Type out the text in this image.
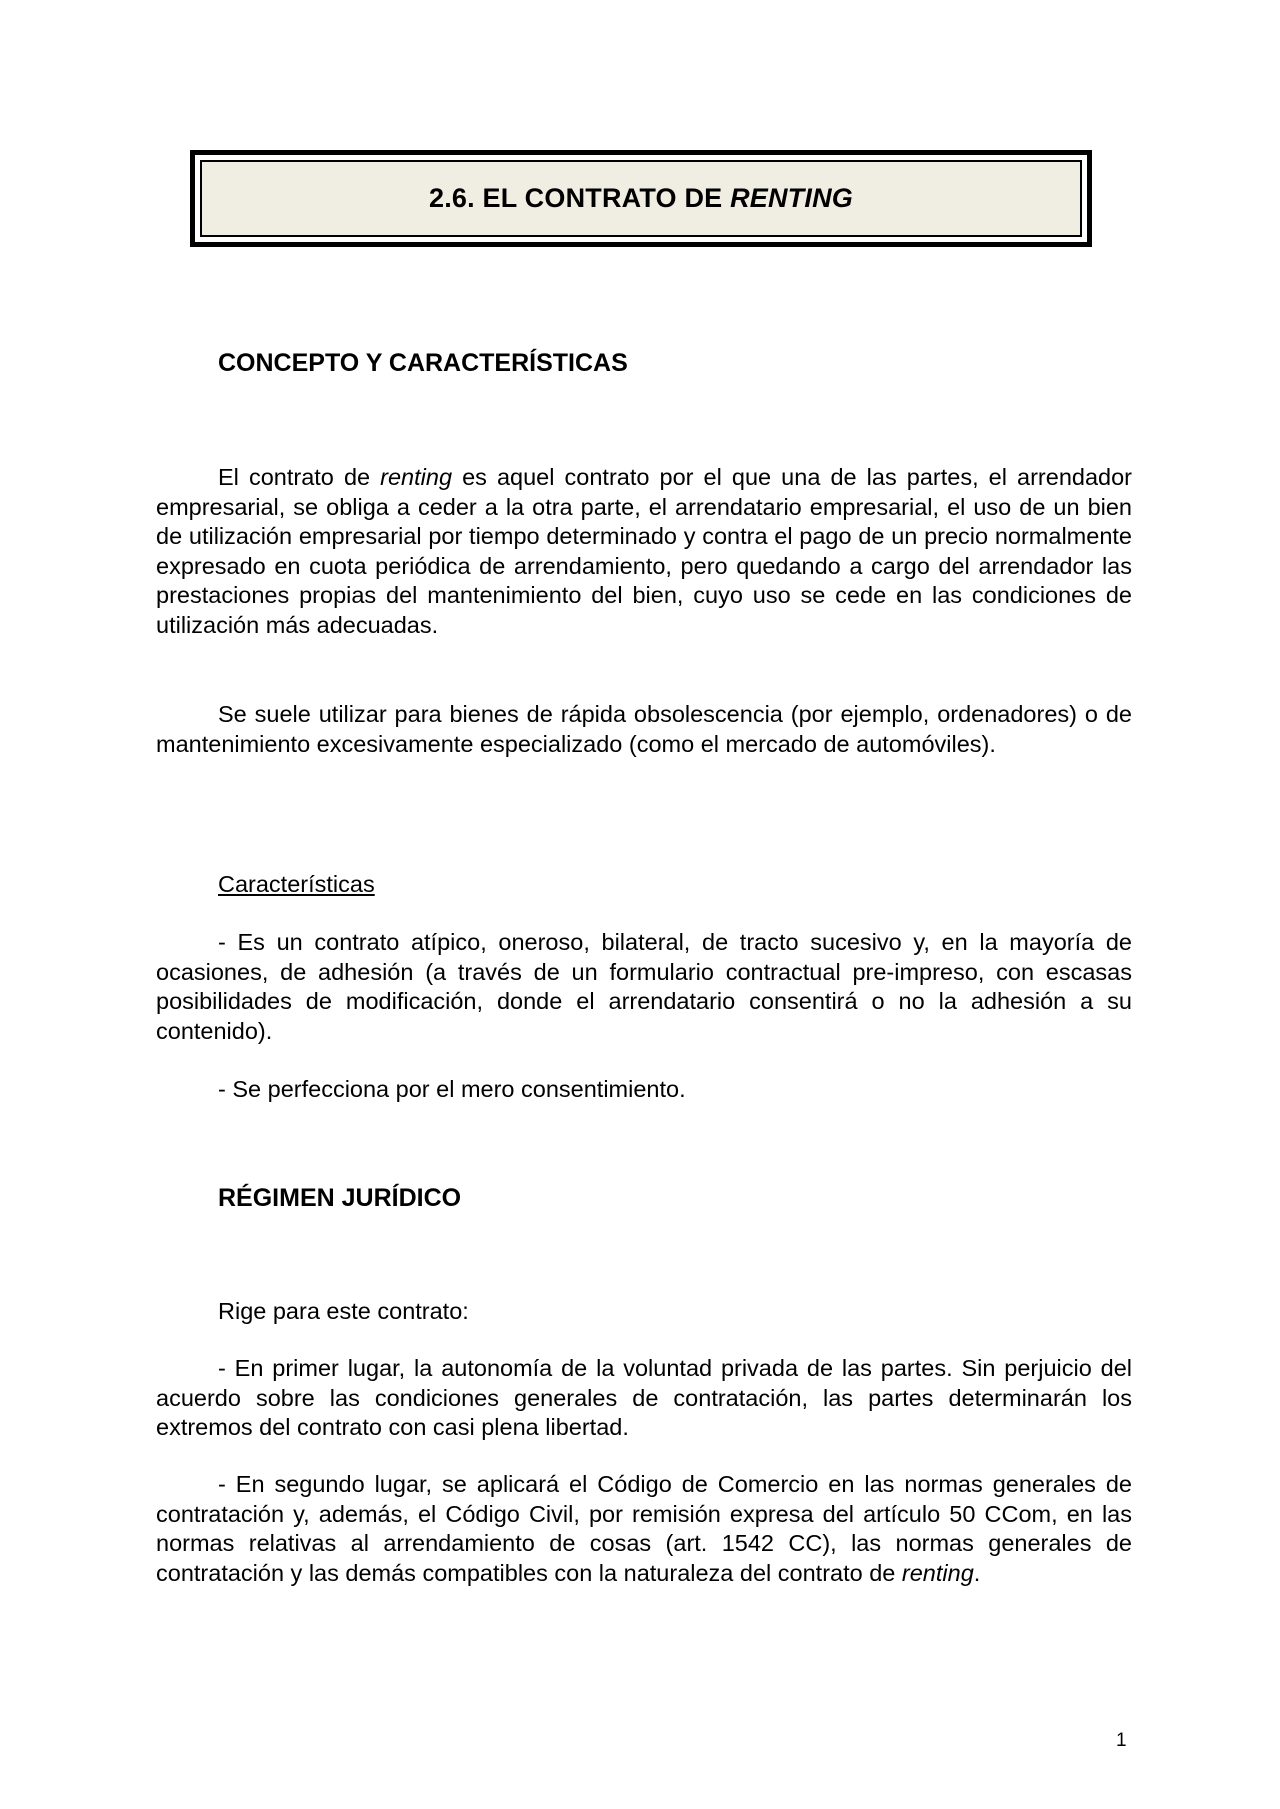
2.6. EL CONTRATO DE RENTING
CONCEPTO Y CARACTERÍSTICAS

El contrato de renting es aquel contrato por el que una de las partes, el arrendador empresarial, se obliga a ceder a la otra parte, el arrendatario empresarial, el uso de un bien de utilización empresarial por tiempo determinado y contra el pago de un precio normalmente expresado en cuota periódica de arrendamiento, pero quedando a cargo del arrendador las prestaciones propias del mantenimiento del bien, cuyo uso se cede en las condiciones de utilización más adecuadas.

Se suele utilizar para bienes de rápida obsolescencia (por ejemplo, ordenadores) o de mantenimiento excesivamente especializado (como el mercado de automóviles).

Características

- Es un contrato atípico, oneroso, bilateral, de tracto sucesivo y, en la mayoría de ocasiones, de adhesión (a través de un formulario contractual pre-impreso, con escasas posibilidades de modificación, donde el arrendatario consentirá o no la adhesión a su contenido).

- Se perfecciona por el mero consentimiento.

RÉGIMEN JURÍDICO

Rige para este contrato:

- En primer lugar, la autonomía de la voluntad privada de las partes. Sin perjuicio del acuerdo sobre las condiciones generales de contratación, las partes determinarán los extremos del contrato con casi plena libertad.

- En segundo lugar, se aplicará el Código de Comercio en las normas generales de contratación y, además, el Código Civil, por remisión expresa del artículo 50 CCom, en las normas relativas al arrendamiento de cosas (art. 1542 CC), las normas generales de contratación y las demás compatibles con la naturaleza del contrato de renting.

1
